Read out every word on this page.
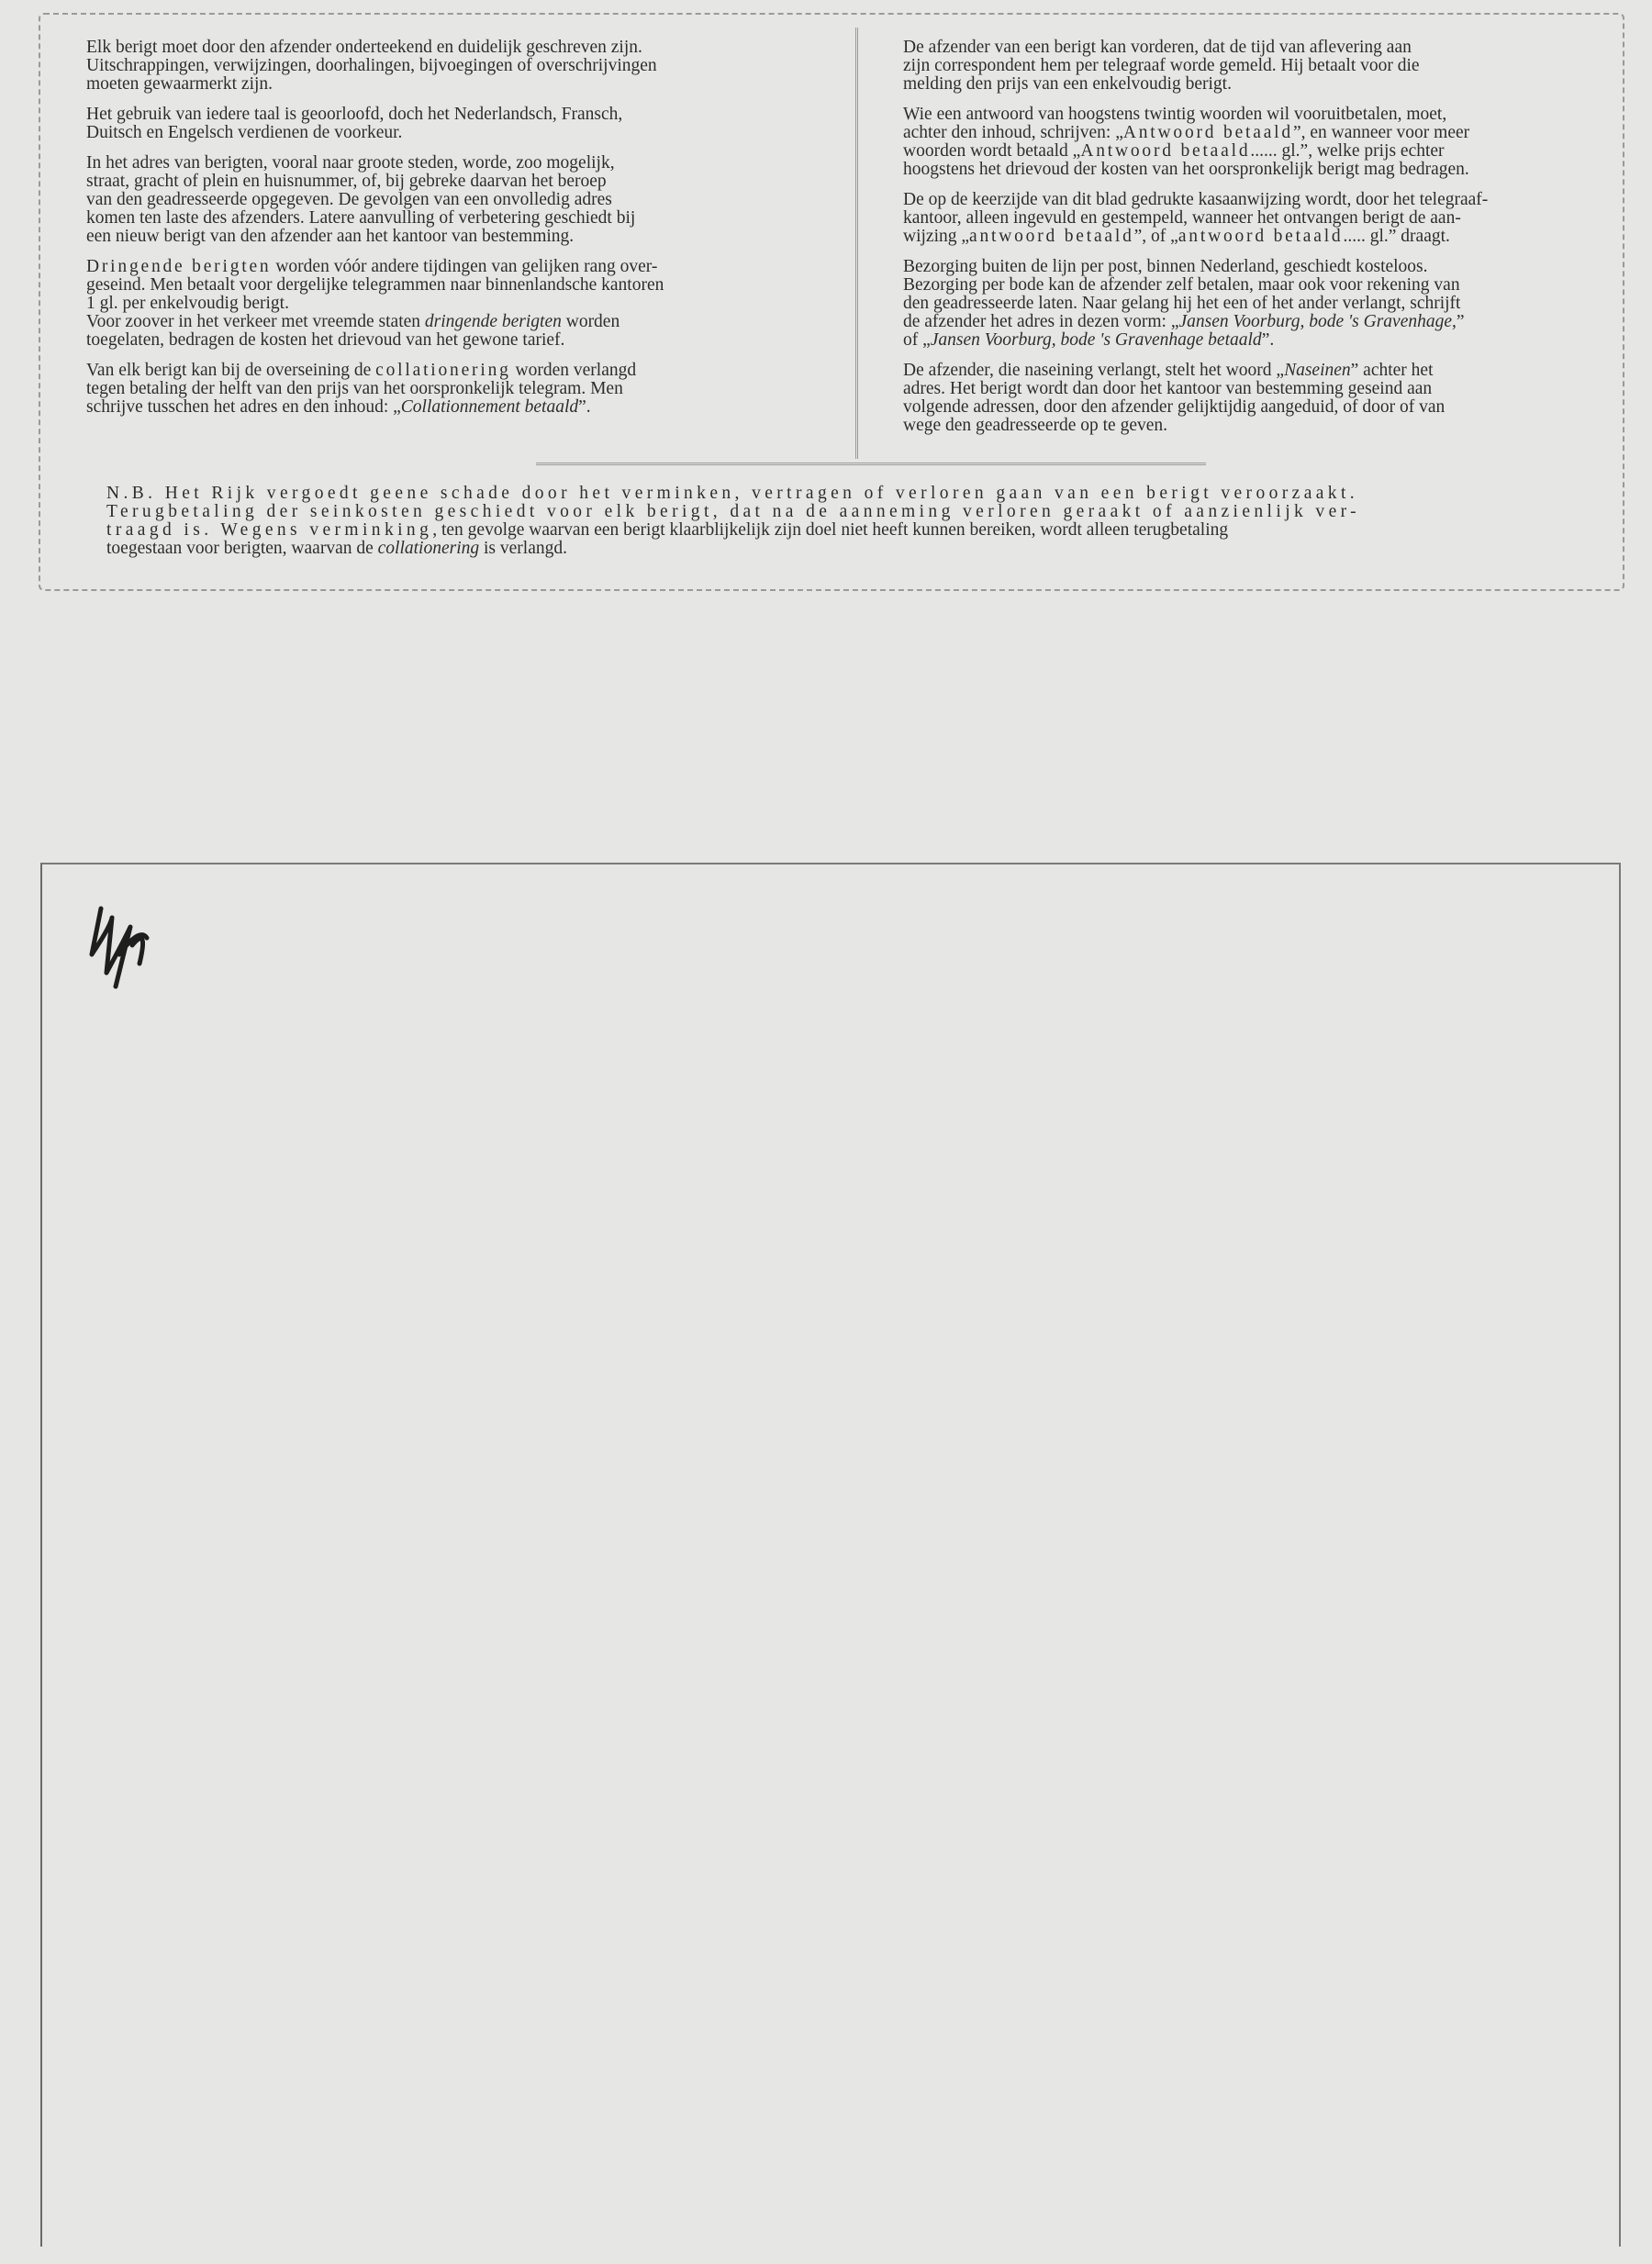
Elk berigt moet door den afzender onderteekend en duidelijk geschreven zijn.
Uitschrappingen, verwijzingen, doorhalingen, bijvoegingen of overschrijvingen
moeten gewaarmerkt zijn.

Het gebruik van iedere taal is geoorloofd, doch het Nederlandsch, Fransch,
Duitsch en Engelsch verdienen de voorkeur.

In het adres van berigten, vooral naar groote steden, worde, zoo mogelijk,
straat, gracht of plein en huisnummer, of, bij gebreke daarvan het beroep
van den geadresseerde opgegeven. De gevolgen van een onvolledig adres
komen ten laste des afzenders. Latere aanvulling of verbetering geschiedt bij
een nieuw berigt van den afzender aan het kantoor van bestemming.

Dringende berigten worden vóór andere tijdingen van gelijken rang over-
geseind. Men betaalt voor dergelijke telegrammen naar binnenlandsche kantoren
1 gl. per enkelvoudig berigt.
Voor zoover in het verkeer met vreemde staten dringende berigten worden
toegelaten, bedragen de kosten het drievoud van het gewone tarief.

Van elk berigt kan bij de overseining de collationering worden verlangd
tegen betaling der helft van den prijs van het oorspronkelijk telegram. Men
schrijve tusschen het adres en den inhoud: „Collationnement betaald”.

De afzender van een berigt kan vorderen, dat de tijd van aflevering aan
zijn correspondent hem per telegraaf worde gemeld. Hij betaalt voor die
melding den prijs van een enkelvoudig berigt.

Wie een antwoord van hoogstens twintig woorden wil vooruitbetalen, moet,
achter den inhoud, schrijven: „Antwoord betaald”, en wanneer voor meer
woorden wordt betaald „Antwoord betaald...... gl.”, welke prijs echter
hoogstens het drievoud der kosten van het oorspronkelijk berigt mag bedragen.

De op de keerzijde van dit blad gedrukte kasaanwijzing wordt, door het telegraaf-
kantoor, alleen ingevuld en gestempeld, wanneer het ontvangen berigt de aan-
wijzing „antwoord betaald”, of „antwoord betaald..... gl.” draagt.

Bezorging buiten de lijn per post, binnen Nederland, geschiedt kosteloos.
Bezorging per bode kan de afzender zelf betalen, maar ook voor rekening van
den geadresseerde laten. Naar gelang hij het een of het ander verlangt, schrijft
de afzender het adres in dezen vorm: „Jansen Voorburg, bode 's Gravenhage,”
of „Jansen Voorburg, bode 's Gravenhage betaald”.

De afzender, die naseining verlangt, stelt het woord „Naseinen” achter het
adres. Het berigt wordt dan door het kantoor van bestemming geseind aan
volgende adressen, door den afzender gelijktijdig aangeduid, of door of van
wege den geadresseerde op te geven.

N.B. Het Rijk vergoedt geene schade door het verminken, vertragen of verloren gaan van een berigt veroorzaakt.
Terugbetaling der seinkosten geschiedt voor elk berigt, dat na de aanneming verloren geraakt of aanzienlijk ver-
traagd is. Wegens verminking, ten gevolge waarvan een berigt klaarblijkelijk zijn doel niet heeft kunnen bereiken, wordt alleen terugbetaling
toegestaan voor berigten, waarvan de collationering is verlangd.
